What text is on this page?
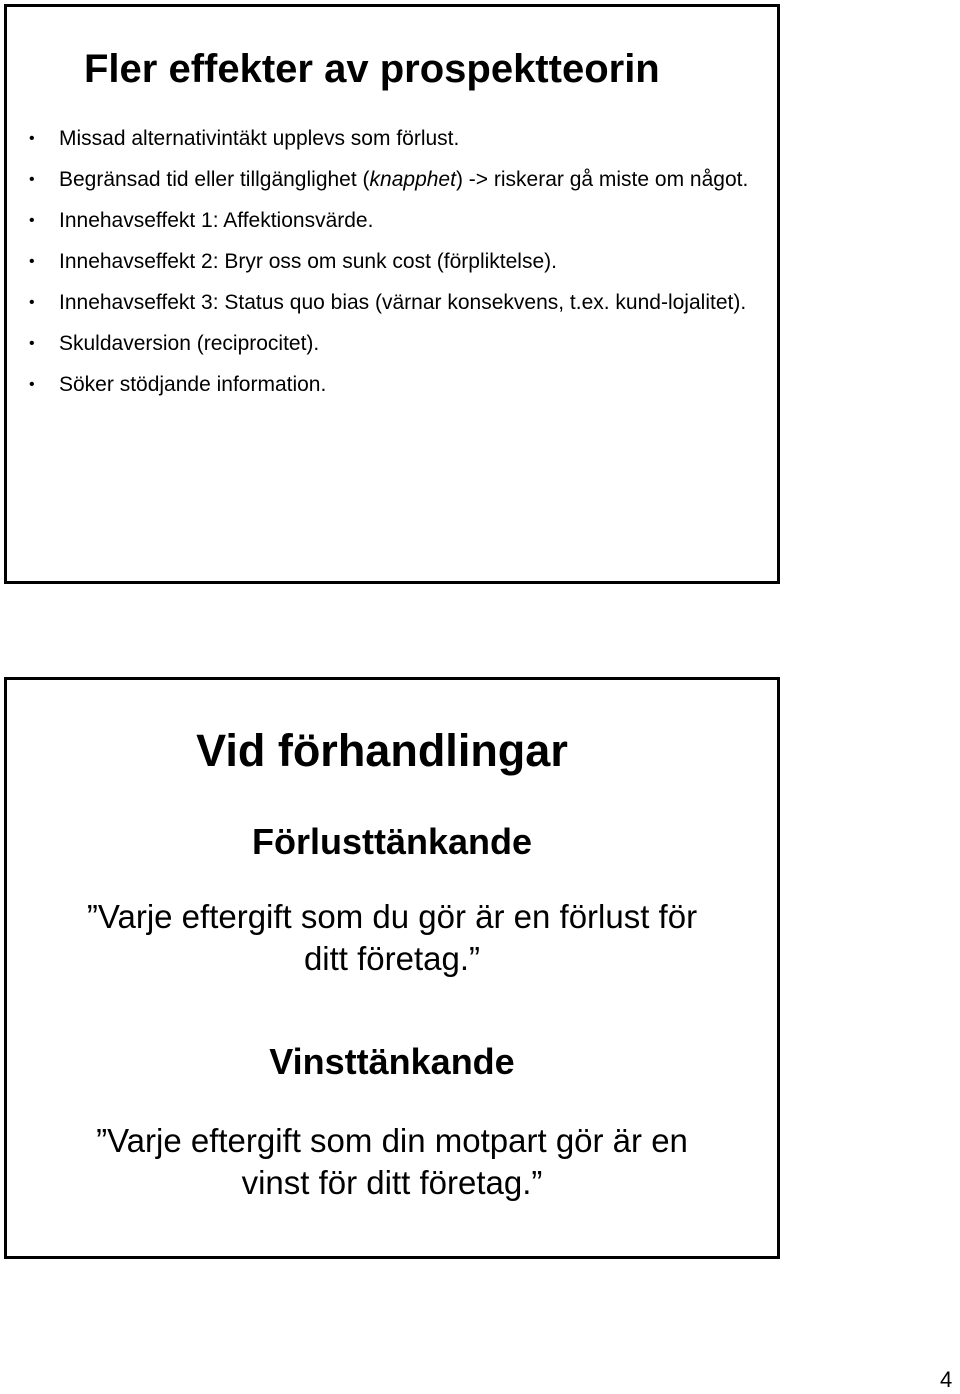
Fler effekter av prospektteorin
• Missad alternativintäkt upplevs som förlust.
• Begränsad tid eller tillgänglighet (knapphet) -> riskerar gå miste om något.
• Innehavseffekt 1: Affektionsvärde.
• Innehavseffekt 2: Bryr oss om sunk cost (förpliktelse).
• Innehavseffekt 3: Status quo bias (värnar konsekvens, t.ex. kund-lojalitet).
• Skuldaversion (reciprocitet).
• Söker stödjande information.
Vid förhandlingar
Förlusttänkande

”Varje eftergift som du gör är en förlust för ditt företag.”

Vinsttänkande

”Varje eftergift som din motpart gör är en vinst för ditt företag.”

4
